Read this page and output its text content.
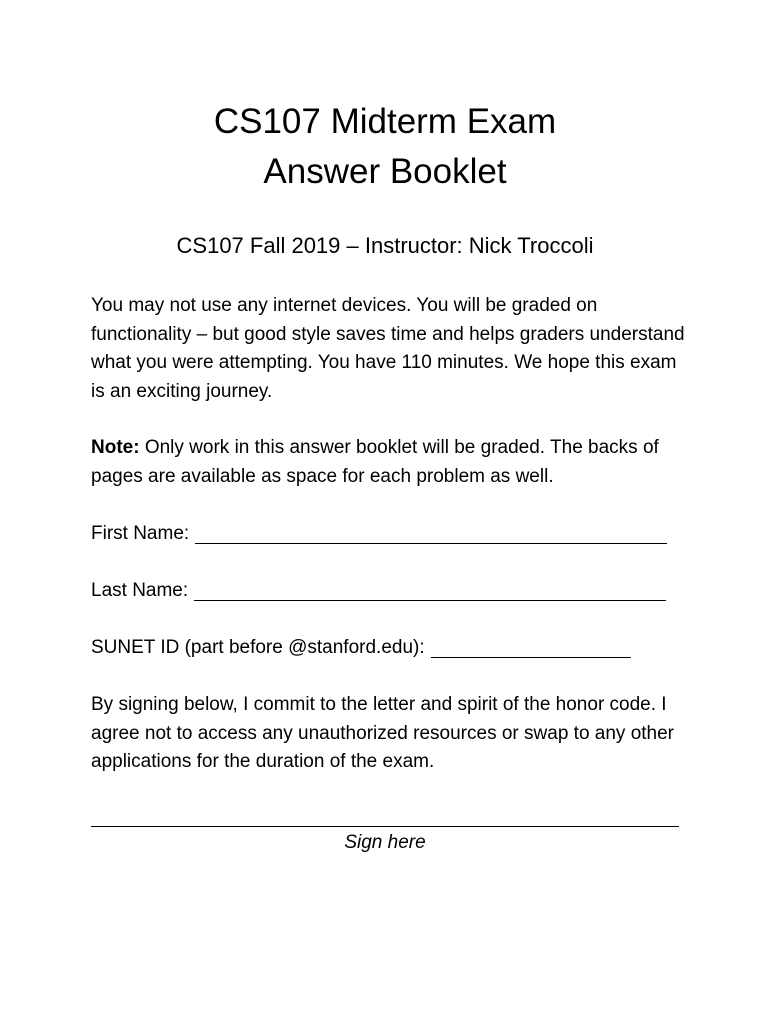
CS107 Midterm Exam
Answer Booklet
CS107 Fall 2019 – Instructor: Nick Troccoli
You may not use any internet devices. You will be graded on functionality – but good style saves time and helps graders understand what you were attempting. You have 110 minutes. We hope this exam is an exciting journey.
Note: Only work in this answer booklet will be graded. The backs of pages are available as space for each problem as well.
First Name:
Last Name:
SUNET ID (part before @stanford.edu):
By signing below, I commit to the letter and spirit of the honor code. I agree not to access any unauthorized resources or swap to any other applications for the duration of the exam.
Sign here
